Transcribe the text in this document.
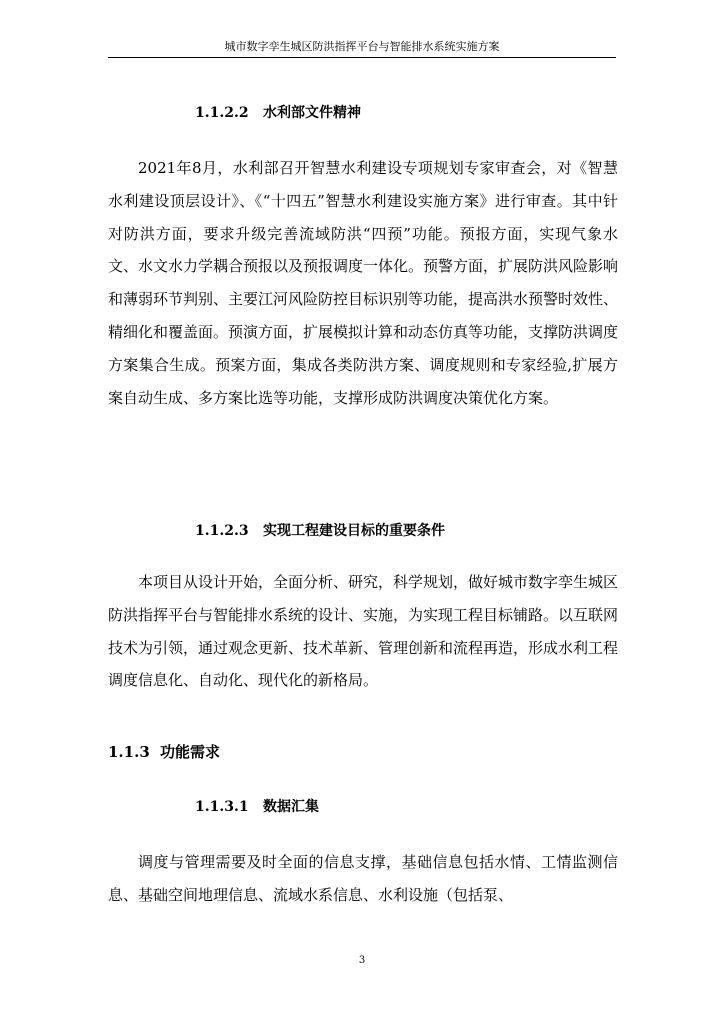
城市数字孪生城区防洪指挥平台与智能排水系统实施方案
1.1.2.2 水利部文件精神

2021年8月，水利部召开智慧水利建设专项规划专家审查会，对《智慧水利建设顶层设计》、《“十四五”智慧水利建设实施方案》进行审查。其中针对防洪方面，要求升级完善流域防洪“四预”功能。预报方面，实现气象水文、水文水力学耦合预报以及预报调度一体化。预警方面，扩展防洪风险影响和薄弱环节判别、主要江河风险防控目标识别等功能，提高洪水预警时效性、精细化和覆盖面。预演方面，扩展模拟计算和动态仿真等功能，支撑防洪调度方案集合生成。预案方面，集成各类防洪方案、调度规则和专家经验,扩展方案自动生成、多方案比选等功能，支撑形成防洪调度决策优化方案。

1.1.2.3 实现工程建设目标的重要条件

本项目从设计开始，全面分析、研究，科学规划，做好城市数字孪生城区防洪指挥平台与智能排水系统的设计、实施，为实现工程目标铺路。以互联网技术为引领，通过观念更新、技术革新、管理创新和流程再造，形成水利工程调度信息化、自动化、现代化的新格局。

1.1.3 功能需求
1.1.3.1 数据汇集

调度与管理需要及时全面的信息支撑，基础信息包括水情、工情监测信息、基础空间地理信息、流域水系信息、水利设施（包括泵、

3
